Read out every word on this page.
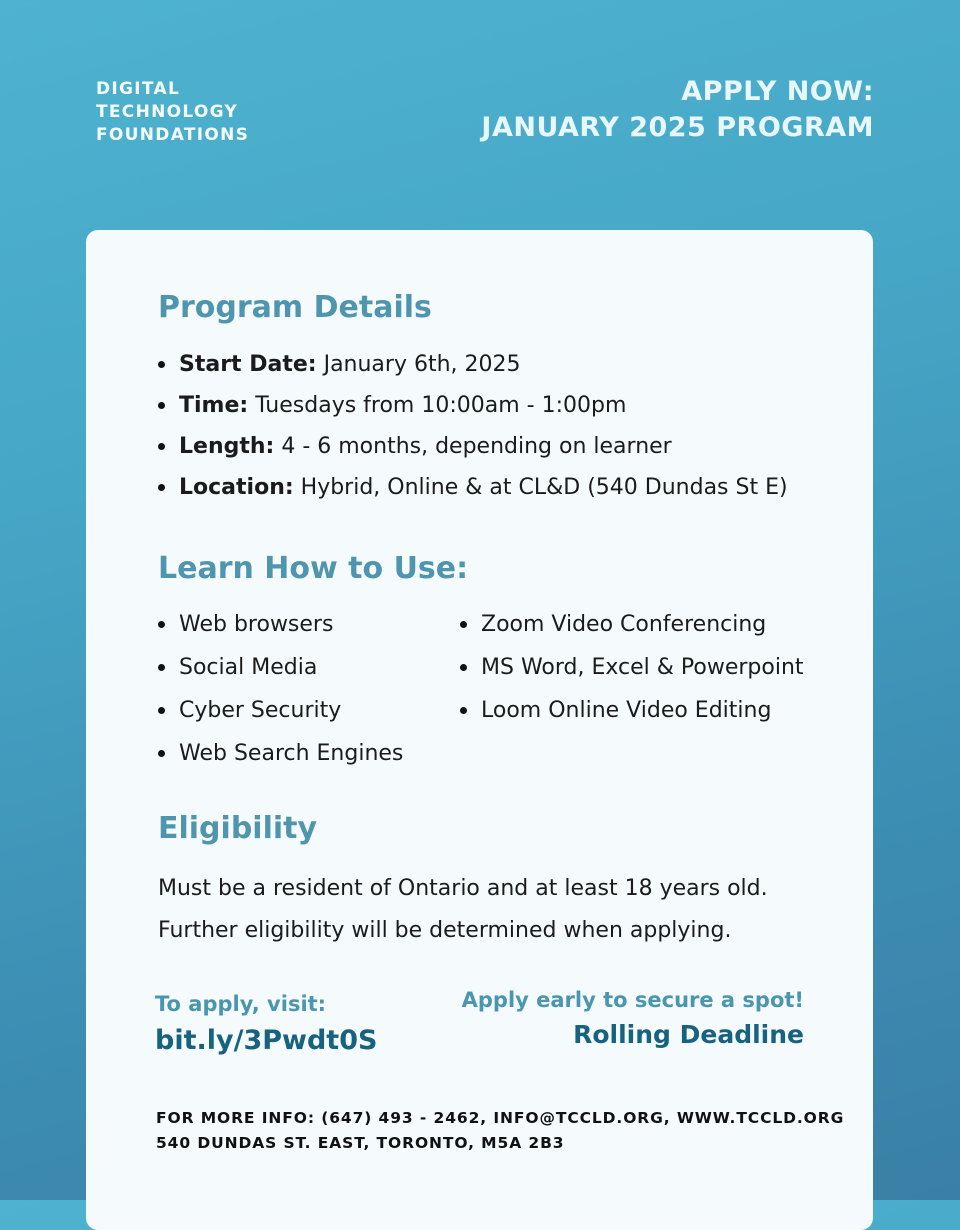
DIGITAL
TECHNOLOGY
FOUNDATIONS
APPLY NOW:
JANUARY 2025 PROGRAM
Program Details
Start Date: January 6th, 2025
Time: Tuesdays from 10:00am - 1:00pm
Length: 4 - 6 months, depending on learner
Location: Hybrid, Online & at CL&D (540 Dundas St E)
Learn How to Use:
Web browsers
Social Media
Cyber Security
Web Search Engines
Zoom Video Conferencing
MS Word, Excel & Powerpoint
Loom Online Video Editing
Eligibility
Must be a resident of Ontario and at least 18 years old.
Further eligibility will be determined when applying.
To apply, visit:
bit.ly/3Pwdt0S
Apply early to secure a spot!
Rolling Deadline
FOR MORE INFO: (647) 493 - 2462, INFO@TCCLD.ORG, WWW.TCCLD.ORG
540 DUNDAS ST. EAST, TORONTO, M5A 2B3
